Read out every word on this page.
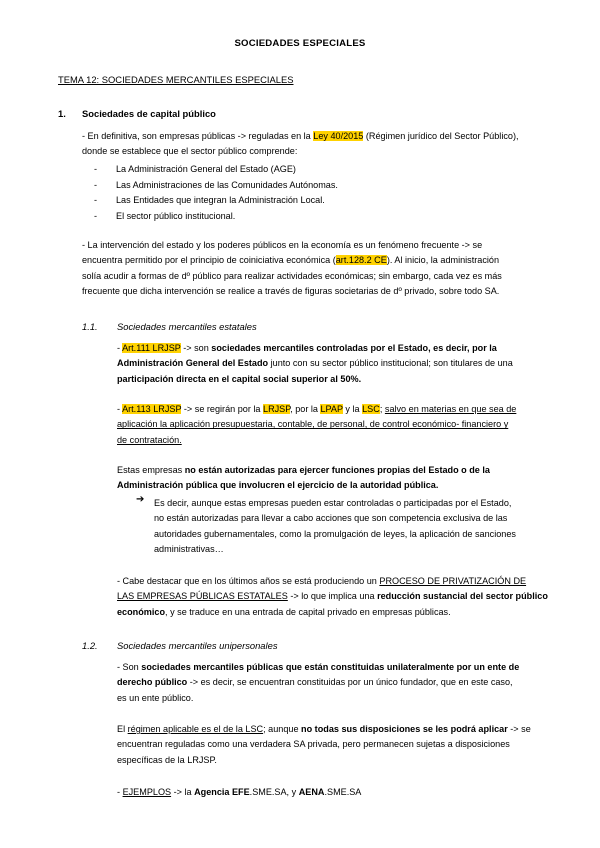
SOCIEDADES ESPECIALES
TEMA 12: SOCIEDADES MERCANTILES ESPECIALES
1. Sociedades de capital público
- En definitiva, son empresas públicas -> reguladas en la Ley 40/2015 (Régimen jurídico del Sector Público),
donde se establece que el sector público comprende:
- La Administración General del Estado (AGE)
- Las Administraciones de las Comunidades Autónomas.
- Las Entidades que integran la Administración Local.
- El sector público institucional.
- La intervención del estado y los poderes públicos en la economía es un fenómeno frecuente -> se
encuentra permitido por el principio de coiniciativa económica (art.128.2 CE). Al inicio, la administración
solía acudir a formas de dº público para realizar actividades económicas; sin embargo, cada vez es más
frecuente que dicha intervención se realice a través de figuras societarias de dº privado, sobre todo SA.
1.1. Sociedades mercantiles estatales
- Art.111 LRJSP -> son sociedades mercantiles controladas por el Estado, es decir, por la
Administración General del Estado junto con su sector público institucional; son titulares de una
participación directa en el capital social superior al 50%.
- Art.113 LRJSP -> se regirán por la LRJSP, por la LPAP y la LSC; salvo en materias en que sea de
aplicación la aplicación presupuestaria, contable, de personal, de control económico- financiero y
de contratación.
Estas empresas no están autorizadas para ejercer funciones propias del Estado o de la
Administración pública que involucren el ejercicio de la autoridad pública.
➔ Es decir, aunque estas empresas pueden estar controladas o participadas por el Estado,
no están autorizadas para llevar a cabo acciones que son competencia exclusiva de las
autoridades gubernamentales, como la promulgación de leyes, la aplicación de sanciones
administrativas…
- Cabe destacar que en los últimos años se está produciendo un PROCESO DE PRIVATIZACIÓN DE
LAS EMPRESAS PÚBLICAS ESTATALES -> lo que implica una reducción sustancial del sector público
económico, y se traduce en una entrada de capital privado en empresas públicas.
1.2. Sociedades mercantiles unipersonales
- Son sociedades mercantiles públicas que están constituidas unilateralmente por un ente de
derecho público -> es decir, se encuentran constituidas por un único fundador, que en este caso,
es un ente público.
El régimen aplicable es el de la LSC; aunque no todas sus disposiciones se les podrá aplicar -> se
encuentran reguladas como una verdadera SA privada, pero permanecen sujetas a disposiciones
específicas de la LRJSP.
- EJEMPLOS -> la Agencia EFE.SME.SA, y AENA.SME.SA
